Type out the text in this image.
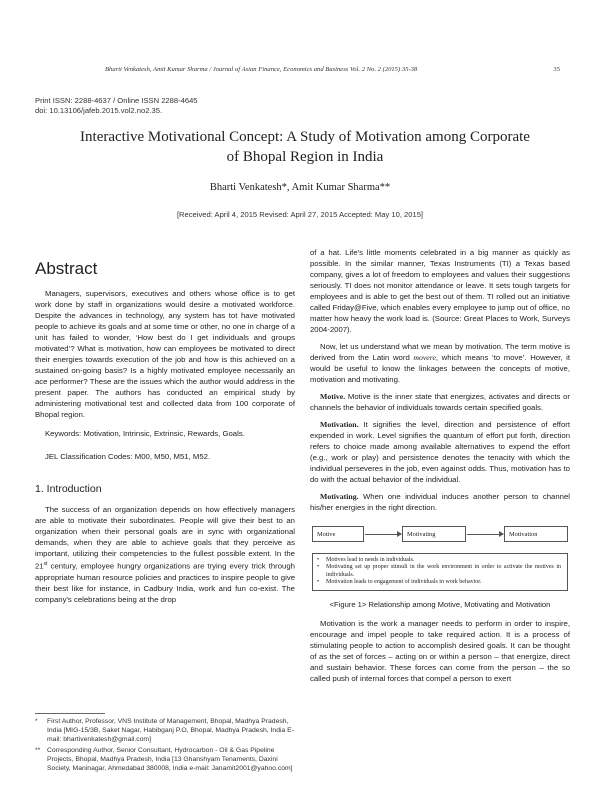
Bharti Venkatesh, Amit Kumar Sharma / Journal of Asian Finance, Economics and Business Vol. 2 No. 2 (2015) 35-38	35
Print ISSN: 2288-4637 / Online ISSN 2288-4645
doi: 10.13106/jafeb.2015.vol2.no2.35.
Interactive Motivational Concept: A Study of Motivation among Corporate
of Bhopal Region in India
Bharti Venkatesh*, Amit Kumar Sharma**
[Received: April 4, 2015 Revised: April 27, 2015 Accepted: May 10, 2015]
Abstract

Managers, supervisors, executives and others whose office is to get work done by staff in organizations would desire a motivated workforce. Despite the advances in technology, any system has tot have motivated people to achieve its goals and at some time or other, no one in charge of a unit has failed to wonder, ‘How best do I get individuals and groups motivated’? What is motivation, how can employees be motivated to direct their energies towards execution of the job and how is this achieved on a sustained on-going basis? Is a highly motivated employee necessarily an ace performer? These are the issues which the author would address in the present paper. The authors has conducted an empirical study by administering motivational test and collected data from 100 corporate of Bhopal region.

Keywords: Motivation, Intrinsic, Extrinsic, Rewards, Goals.

JEL Classification Codes: M00, M50, M51, M52.

1. Introduction

The success of an organization depends on how effectively managers are able to motivate their subordinates. People will give their best to an organization when their personal goals are in sync with organizational demands, when they are able to achieve goals that they perceive as important, utilizing their competencies to the fullest possible extent. In the 21st century, employee hungry organizations are trying every trick through appropriate human resource policies and practices to inspire people to give their best like for instance, in Cadbury India, work and fun co-exist. The company's celebrations being at the drop

*	First Author, Professor, VNS Institute of Management, Bhopal, Madhya Pradesh, India [MIG-15/3B, Saket Nagar, Habibganj P.O, Bhopal, Madhya Pradesh, India E-mail: bhartivenkatesh@gmail.com]
** Corresponding Author, Senior Consultant, Hydrocarbon - Oil & Gas Pipeline Projects, Bhopal, Madhya Pradesh, India [13 Ghanshyam Tenaments, Daxini Society, Maninagar, Ahmedabad 380008, India e-mail: Janamit2001@yahoo.com]

of a hat. Life's little moments celebrated in a big manner as quickly as possible. In the similar manner, Texas Instruments (TI) a Texas based company, gives a lot of freedom to employees and values their suggestions seriously. TI does not monitor attendance or leave. It sets tough targets for employees and is able to get the best out of them. TI rolled out an initiative called Friday@Five, which enables every employee to jump out of office, no matter how heavy the work load is. (Source: Great Places to Work, Surveys 2004-2007).

Now, let us understand what we mean by motivation. The term motive is derived from the Latin word movere, which means ‘to move’. However, it would be useful to know the linkages between the concepts of motive, motivation and motivating.

Motive. Motive is the inner state that energizes, activates and directs or channels the behavior of individuals towards certain specified goals.

Motivation. It signifies the level, direction and persistence of effort expended in work. Level signifies the quantum of effort put forth, direction refers to choice made among available alternatives to expend the effort (e.g., work or play) and persistence denotes the tenacity with which the individual perseveres in the job, even against odds. Thus, motivation has to do with the actual behavior of the individual.

Motivating. When one individual induces another person to channel his/her energies in the right direction.

Motive	Motivating	Motivation
•	Motives lead to needs in individuals.
•	Motivating set up proper stimuli in the work environment in order to activate the motives in individuals.
•	Motivation leads to engagement of individuals in work behavior.
<Figure 1> Relationship among Motive, Motivating and Motivation

Motivation is the work a manager needs to perform in order to inspire, encourage and impel people to take required action. It is a process of stimulating people to action to accomplish desired goals. It can be thought of as the set of forces – acting on or within a person – that energize, direct and sustain behavior. These forces can come from the person – the so called push of internal forces that compel a person to exert
